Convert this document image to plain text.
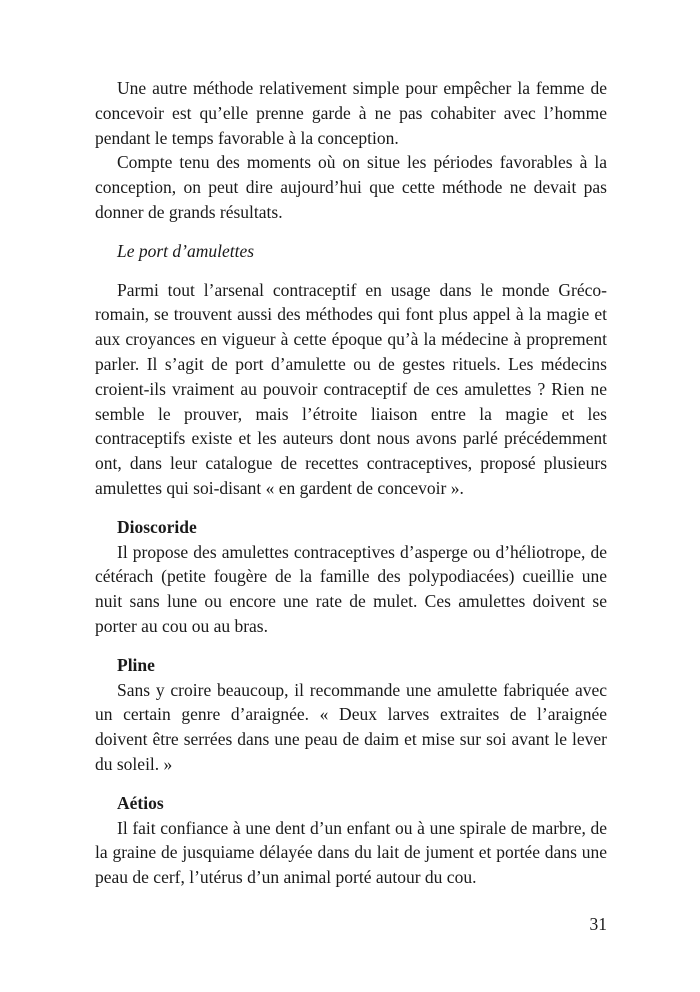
Une autre méthode relativement simple pour empêcher la femme de concevoir est qu’elle prenne garde à ne pas cohabiter avec l’homme pendant le temps favorable à la conception.

Compte tenu des moments où on situe les périodes favorables à la conception, on peut dire aujourd’hui que cette méthode ne devait pas donner de grands résultats.

Le port d’amulettes

Parmi tout l’arsenal contraceptif en usage dans le monde Gréco-romain, se trouvent aussi des méthodes qui font plus appel à la magie et aux croyances en vigueur à cette époque qu’à la médecine à proprement parler. Il s’agit de port d’amulette ou de gestes rituels. Les médecins croient-ils vraiment au pouvoir contraceptif de ces amulettes ? Rien ne semble le prouver, mais l’étroite liaison entre la magie et les contraceptifs existe et les auteurs dont nous avons parlé précédemment ont, dans leur catalogue de recettes contraceptives, proposé plusieurs amulettes qui soi-disant « en gardent de concevoir ».

Dioscoride

Il propose des amulettes contraceptives d’asperge ou d’héliotrope, de cétérach (petite fougère de la famille des polypodiacées) cueillie une nuit sans lune ou encore une rate de mulet. Ces amulettes doivent se porter au cou ou au bras.

Pline

Sans y croire beaucoup, il recommande une amulette fabriquée avec un certain genre d’araignée. « Deux larves extraites de l’araignée doivent être serrées dans une peau de daim et mise sur soi avant le lever du soleil. »

Aétios

Il fait confiance à une dent d’un enfant ou à une spirale de marbre, de la graine de jusquiame délayée dans du lait de jument et portée dans une peau de cerf, l’utérus d’un animal porté autour du cou.

31
